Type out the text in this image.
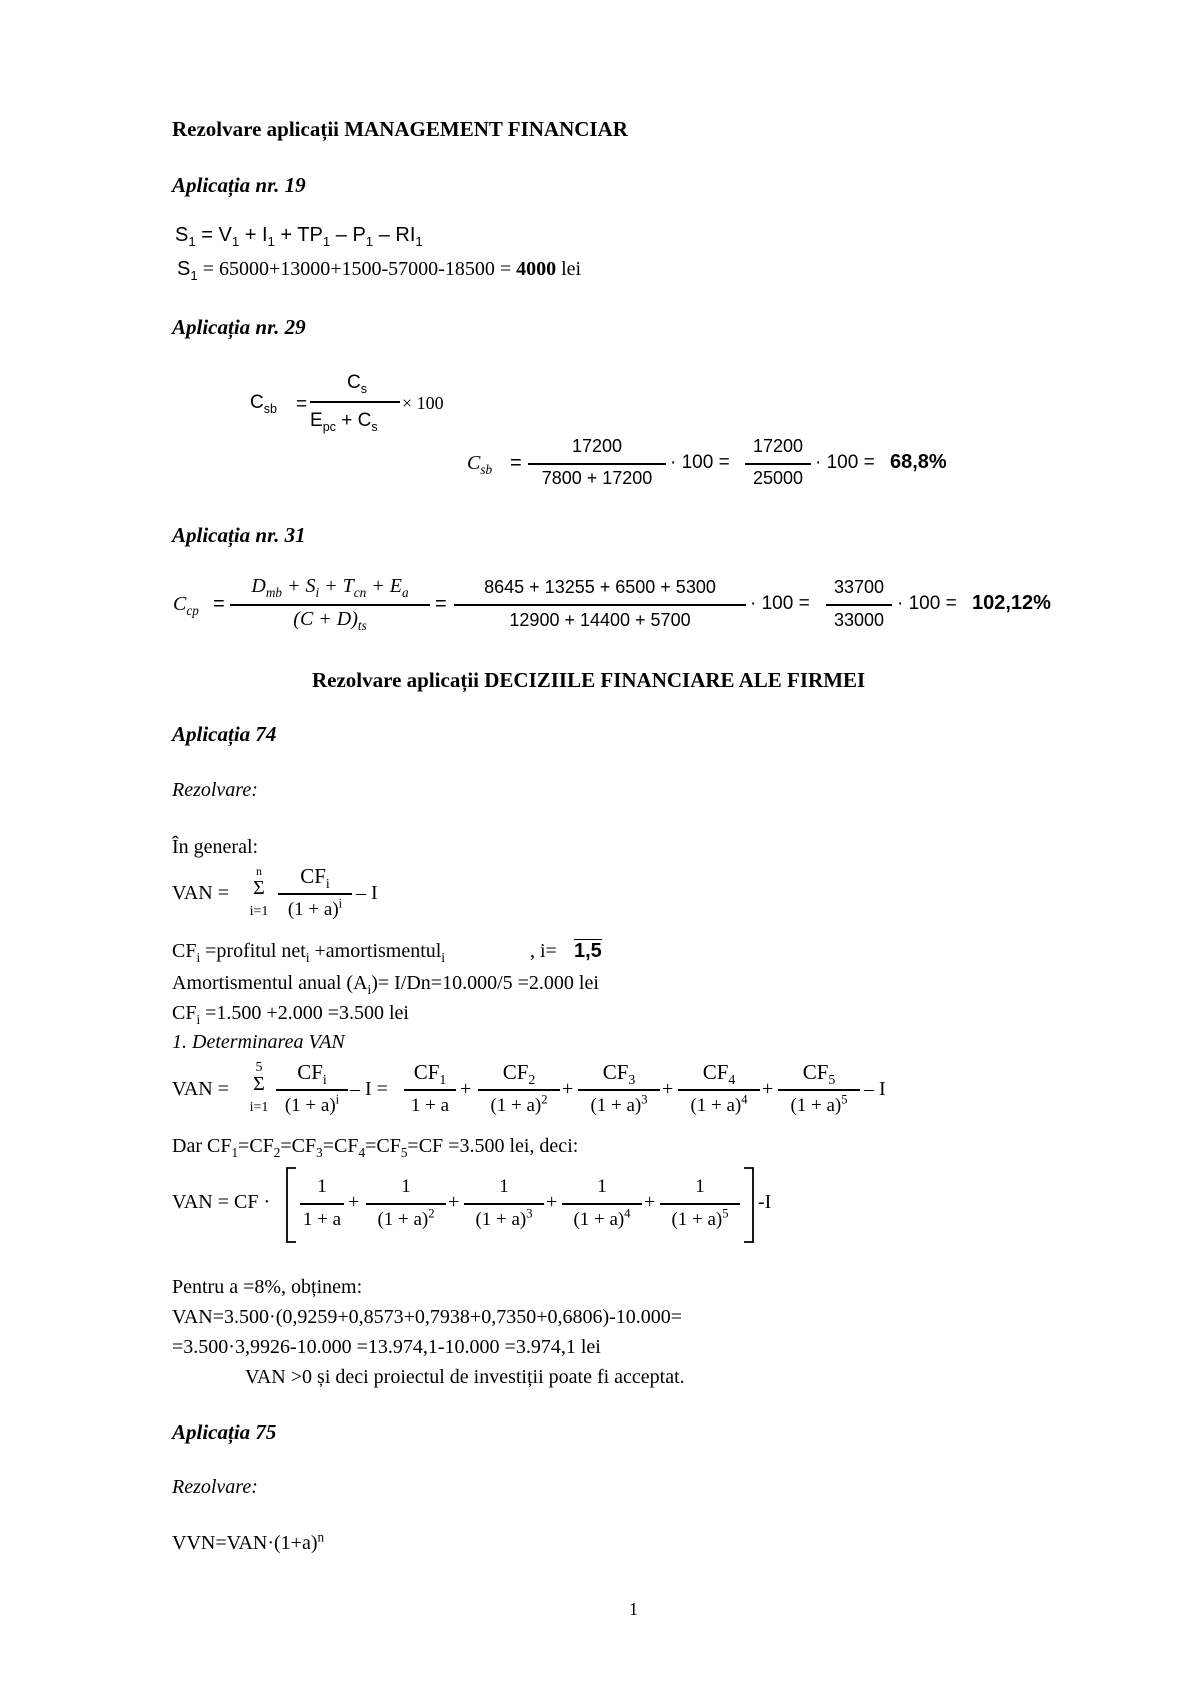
Rezolvare aplicații MANAGEMENT FINANCIAR
Aplicația nr. 19
$S_1 = V_1 + I_1 + TP_1 - P_1 - RI_1$
$S_1 = 65000+13000+1500-57000-18500 = 4000$ lei
Aplicația nr. 29
$C_{sb}$ =
$C_s$
$E_{pc} + C_s$
× 100
$C_{sb}$ =
17200
7800 + 17200
· 100 =
17200
25000
· 100 = 68,8%
Aplicația nr. 31
$C_{cp}$ =
$D_{mb} + S_i + T_{cn} + E_a$
$(C + D)_{ts}$
=
8645 + 13255 + 6500 + 5300
12900 + 14400 + 5700
· 100 =
33700
33000
· 100 = 102,12%
Rezolvare aplicații DECIZIILE FINANCIARE ALE FIRMEI
Aplicația 74
Rezolvare:
În general:
VAN =
n
Σ
i=1
$CF_i$
$(1 + a)^i - I$
$CF_i$ =profitul net$_i$ +amortismentul$_i$	, i= 1,5
Amortismentul anual $(A_i)= I/Dn=10.000/5 =2.000$ lei
$CF_i =1.500 +2.000 =3.500$ lei
1. Determinarea VAN
VAN =
5
Σ
i=1
$CF_i$
$(1 + a)^i - I$ =
$CF_1$
1 + a
+
$CF_2$
$(1 + a)^2$ +
$CF_3$
$(1 + a)^3$ +
$CF_4$
$(1 + a)^4$ +
$CF_5$
$(1 + a)^5 - I$
Dar $CF_1=CF_2=CF_3=CF_4=CF_5=CF =3.500$ lei, deci:
VAN = CF ·
1
1 + a
+
1
$(1 + a)^2$
+
1
$(1 + a)^3$
+
1
$(1 + a)^4$
+
1
$(1 + a)^5$
-I
Pentru a =8%, obținem:
VAN=3.500·(0,9259+0,8573+0,7938+0,7350+0,6806)-10.000=
=3.500·3,9926-10.000 =13.974,1-10.000 =3.974,1 lei
VAN >0 și deci proiectul de investiții poate fi acceptat.
Aplicația 75
Rezolvare:
$VVN=VAN\cdot(1+a)^n$
1
